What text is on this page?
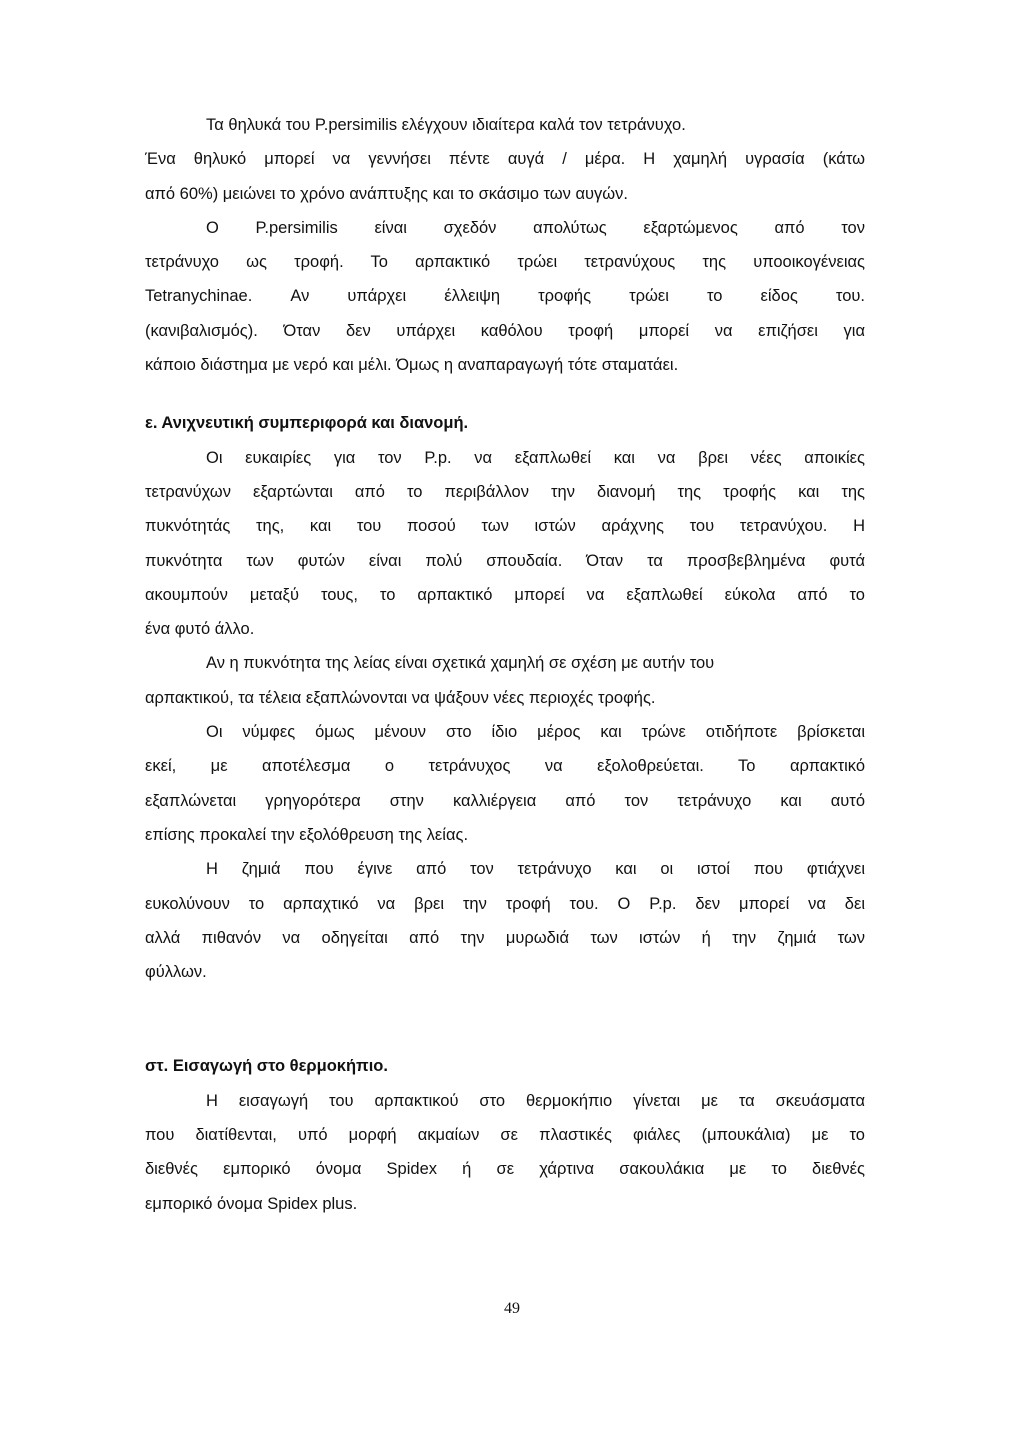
Τα θηλυκά του P.persimilis ελέγχουν ιδιαίτερα καλά τον τετράνυχο.
Ένα θηλυκό μπορεί να γεννήσει πέντε αυγά / μέρα. Η χαμηλή υγρασία (κάτω
από 60%) μειώνει το χρόνο ανάπτυξης και το σκάσιμο των αυγών.
Ο P.persimilis είναι σχεδόν απολύτως εξαρτώμενος από τον
τετράνυχο ως τροφή. Το αρπακτικό τρώει τετρανύχους της υποοικογένειας
Tetranychinae. Αν υπάρχει έλλειψη τροφής τρώει το είδος του.
(κανιβαλισμός). Όταν δεν υπάρχει καθόλου τροφή μπορεί να επιζήσει για
κάποιο διάστημα με νερό και μέλι. Όμως η αναπαραγωγή τότε σταματάει.
ε. Ανιχνευτική συμπεριφορά και διανομή.
Οι ευκαιρίες για τον P.p. να εξαπλωθεί και να βρει νέες αποικίες
τετρανύχων εξαρτώνται από το περιβάλλον την διανομή της τροφής και της
πυκνότητάς της, και του ποσού των ιστών αράχνης του τετρανύχου. Η
πυκνότητα των φυτών είναι πολύ σπουδαία. Όταν τα προσβεβλημένα φυτά
ακουμπούν μεταξύ τους, το αρπακτικό μπορεί να εξαπλωθεί εύκολα από το
ένα φυτό άλλο.
Αν η πυκνότητα της λείας είναι σχετικά χαμηλή σε σχέση με αυτήν του
αρπακτικού, τα τέλεια εξαπλώνονται να ψάξουν νέες περιοχές τροφής.
Οι νύμφες όμως μένουν στο ίδιο μέρος και τρώνε οτιδήποτε βρίσκεται
εκεί, με αποτέλεσμα ο τετράνυχος να εξολοθρεύεται. Το αρπακτικό
εξαπλώνεται γρηγορότερα στην καλλιέργεια από τον τετράνυχο και αυτό
επίσης προκαλεί την εξολόθρευση της λείας.
Η ζημιά που έγινε από τον τετράνυχο και οι ιστοί που φτιάχνει
ευκολύνουν το αρπαχτικό να βρει την τροφή του. Ο P.p. δεν μπορεί να δει
αλλά πιθανόν να οδηγείται από την μυρωδιά των ιστών ή την ζημιά των
φύλλων.
στ. Εισαγωγή στο θερμοκήπιο.
Η εισαγωγή του αρπακτικού στο θερμοκήπιο γίνεται με τα σκευάσματα
που διατίθενται, υπό μορφή ακμαίων σε πλαστικές φιάλες (μπουκάλια) με το
διεθνές εμπορικό όνομα Spidex ή σε χάρτινα σακουλάκια με το διεθνές
εμπορικό όνομα Spidex plus.
49
